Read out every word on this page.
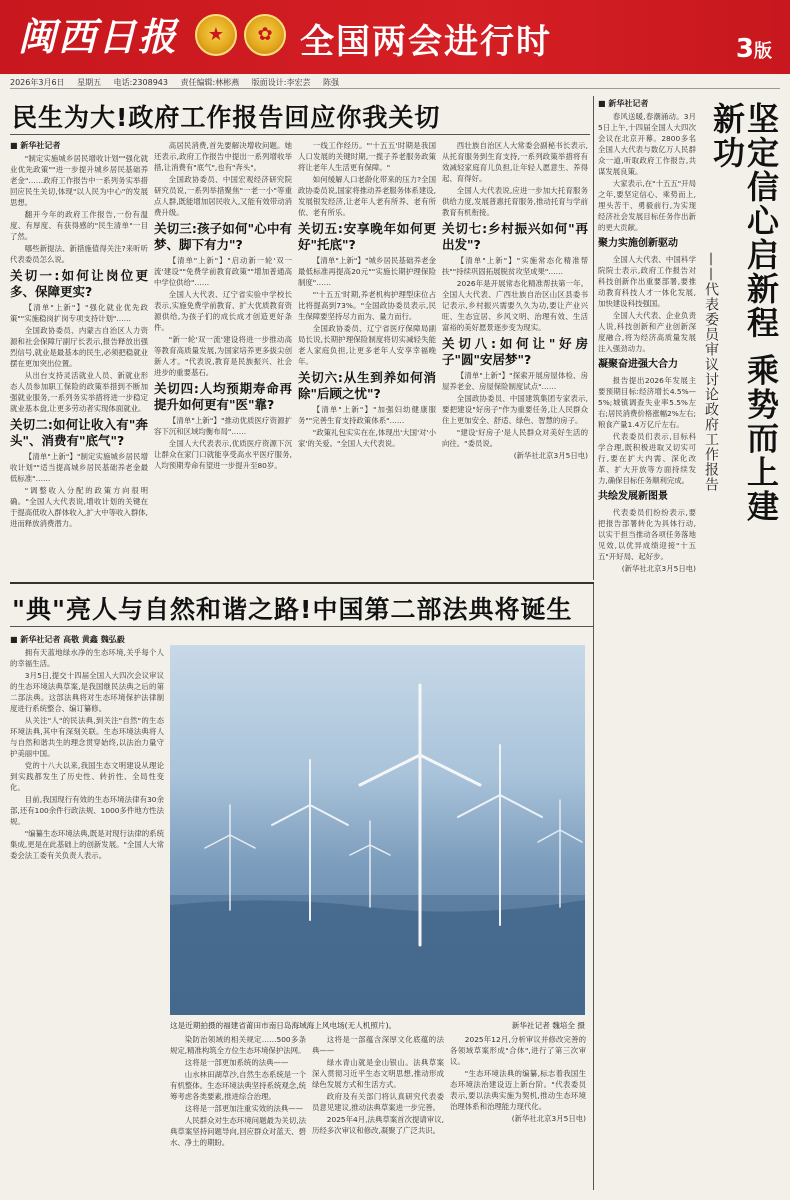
闽西日报	★	✿ 全国两会进行时	3版
2026年3月6日 星期五 电话:2308943 责任编辑:林彬燕 版面设计:李宏芸 陈强
民生为大!政府工作报告回应你我关切
■ 新华社记者

"制定实施城乡居民增收计划""强化就业优先政策""进一步提升城乡居民基础养老金"……政府工作报告中一系列务实举措回应民生关切,体现"以人民为中心"的发展思想。

翻开今年的政府工作报告,一份有温度、有厚度、有获得感的"民生清单"一目了然。

哪些新提法、新措施值得关注?来听听代表委员怎么说。

关切一:如何让岗位更多、保障更实?

【清单"上新"】"强化就业优先政策""实施稳岗扩岗专项支持计划"……

全国政协委员、内蒙古自治区人力资源和社会保障厅副厅长表示,报告释放出强烈信号,就业是最基本的民生,必须把稳就业摆在更加突出位置。

从出台支持灵活就业人员、新就业形态人员参加职工保险的政策举措到不断加强就业服务,一系列务实举措将进一步稳定就业基本盘,让更多劳动者实现体面就业。

关切二:如何让收入有"奔头"、消费有"底气"?

【清单"上新"】"制定实施城乡居民增收计划""适当提高城乡居民基础养老金最低标准"……

"调整收入分配的政策方向很明确。"全国人大代表说,增收计划的关键在于提高低收入群体收入,扩大中等收入群体,进而释放消费潜力。

高居民消费,首先要解决增收问题。她还表示,政府工作报告中提出一系列增收举措,让消费有"底气",也有"奔头"。

全国政协委员、中国宏观经济研究院研究员说,一系列举措聚焦"一老一小"等重点人群,既能增加居民收入,又能有效带动消费升级。

关切三:孩子如何"心中有梦、脚下有力"?

【清单"上新"】"启动新一轮'双一流'建设""免费学前教育政策""增加普通高中学位供给"……

全国人大代表、辽宁省实验中学校长表示,实施免费学前教育、扩大优质教育资源供给,为孩子们的成长成才创造更好条件。

"新一轮'双一流'建设将进一步推动高等教育高质量发展,为国家培养更多拔尖创新人才。"代表说,教育是民族振兴、社会进步的重要基石。

关切四:人均预期寿命再提升如何更有"医"靠?

【清单"上新"】"推动优质医疗资源扩容下沉和区域均衡布局"……

全国人大代表表示,优质医疗资源下沉让群众在家门口就能享受高水平医疗服务,人均预期寿命有望进一步提升至80岁。

一线工作经历。"'十五五'时期是我国人口发展的关键时期,一揽子养老服务政策将让老年人生活更有保障。"

如何缓解人口老龄化带来的压力?全国政协委员说,国家将推动养老服务体系建设,发展银发经济,让老年人老有所养、老有所依、老有所乐。

关切五:安享晚年如何更好"托底"?

【清单"上新"】"城乡居民基础养老金最低标准再提高20元""实施长期护理保险制度"……

"'十五五'时期,养老机构护理型床位占比将提高到73%。"全国政协委员表示,民生保障要坚持尽力而为、量力而行。

全国政协委员、辽宁省医疗保障局副局长说,长期护理保险制度将切实减轻失能老人家庭负担,让更多老年人安享幸福晚年。

关切六:从生到养如何消除"后顾之忧"?

【清单"上新"】"加强妇幼健康服务""完善生育支持政策体系"……

"政策礼包实实在在,体现出'大国'对'小家'的关爱。"全国人大代表说。

西壮族自治区人大常委会副秘书长表示,从托育服务到生育支持,一系列政策举措将有效减轻家庭育儿负担,让年轻人愿意生、养得起、育得好。

全国人大代表说,应进一步加大托育服务供给力度,发展普惠托育服务,推动托育与学前教育有机衔接。

关切七:乡村振兴如何"再出发"?

【清单"上新"】"实施常态化精准帮扶""持续巩固拓展脱贫攻坚成果"……

2026年是开展常态化精准帮扶第一年。全国人大代表、广西壮族自治区山区县委书记表示,乡村振兴需要久久为功,要让产业兴旺、生态宜居、乡风文明、治理有效、生活富裕的美好愿景逐步变为现实。

关切八:如何让"好房子"圆"安居梦"?

【清单"上新"】"探索开展房屋体检、房屋养老金、房屋保险制度试点"……

全国政协委员、中国建筑集团专家表示,要把建设"好房子"作为重要任务,让人民群众住上更加安全、舒适、绿色、智慧的房子。

"建设'好房子'是人民群众对美好生活的向往。"委员说。

(新华社北京3月5日电)
■ 新华社记者

春风送暖,春潮涌动。3月5日上午,十四届全国人大四次会议在北京开幕。2800多名全国人大代表与数亿万人民群众一道,听取政府工作报告,共谋发展良策。

大家表示,在"十五五"开局之年,要坚定信心、乘势而上,埋头苦干、勇毅前行,为实现经济社会发展目标任务作出新的更大贡献。

聚力实施创新驱动

全国人大代表、中国科学院院士表示,政府工作报告对科技创新作出重要部署,要推动教育科技人才一体化发展,加快建设科技强国。

全国人大代表、企业负责人说,科技创新和产业创新深度融合,将为经济高质量发展注入强劲动力。

凝聚奋进强大合力

报告提出2026年发展主要预期目标:经济增长4.5%—5%;城镇调查失业率5.5%左右;居民消费价格涨幅2%左右;粮食产量1.4万亿斤左右。

代表委员们表示,目标科学合理,既积极进取又切实可行,要在扩大内需、深化改革、扩大开放等方面持续发力,确保目标任务顺利完成。

共绘发展新图景

代表委员们纷纷表示,要把报告部署转化为具体行动,以实干担当推动各项任务落地见效,以优异成绩迎接"十五五"开好局、起好步。

(新华社北京3月5日电)
坚定信心启新程 乘势而上建新功
——代表委员审议讨论政府工作报告
"典"亮人与自然和谐之路!中国第二部法典将诞生
■ 新华社记者 高敬 黄鑫 魏弘毅

拥有天蓝地绿水净的生态环境,关乎每个人的幸福生活。

3月5日,提交十四届全国人大四次会议审议的生态环境法典草案,是我国继民法典之后的第二部法典。这部法典将对生态环境保护法律制度进行系统整合、编订纂修。

从关注"人"的民法典,到关注"自然"的生态环境法典,其中有深刻关联。生态环境法典将人与自然和谐共生的理念贯穿始终,以法治力量守护美丽中国。

党的十八大以来,我国生态文明建设从理论到实践都发生了历史性、转折性、全局性变化。

目前,我国现行有效的生态环境法律有30余部,还有100余件行政法规、1000多件地方性法规。

"编纂生态环境法典,既是对现行法律的系统集成,更是在此基础上的创新发展。"全国人大常委会法工委有关负责人表示。

这是近期拍摄的福建省莆田市南日岛海域海上风电场(无人机照片)。	新华社记者 魏培全 摄

染防治领域的相关规定……500多条规定,精准构筑全方位生态环境保护法网。

这将是一部更加系统的法典——

山水林田湖草沙,自然生态系统是一个有机整体。生态环境法典坚持系统观念,统筹考虑各类要素,推进综合治理。

这将是一部更加注重实效的法典——

人民群众对生态环境问题最为关切,法典草案坚持问题导向,回应群众对蓝天、碧水、净土的期盼。

这将是一部蕴含深厚文化底蕴的法典——

绿水青山就是金山银山。法典草案深入贯彻习近平生态文明思想,推动形成绿色发展方式和生活方式。

政府及有关部门将认真研究代表委员意见建议,推动法典草案进一步完善。

2025年4月,法典草案首次提请审议,历经多次审议和修改,凝聚了广泛共识。

2025年12月,分析审议并修改完善的各领域草案形成"合体",进行了第三次审议。

"生态环境法典的编纂,标志着我国生态环境法治建设迈上新台阶。"代表委员表示,要以法典实施为契机,推动生态环境治理体系和治理能力现代化。

(新华社北京3月5日电)
